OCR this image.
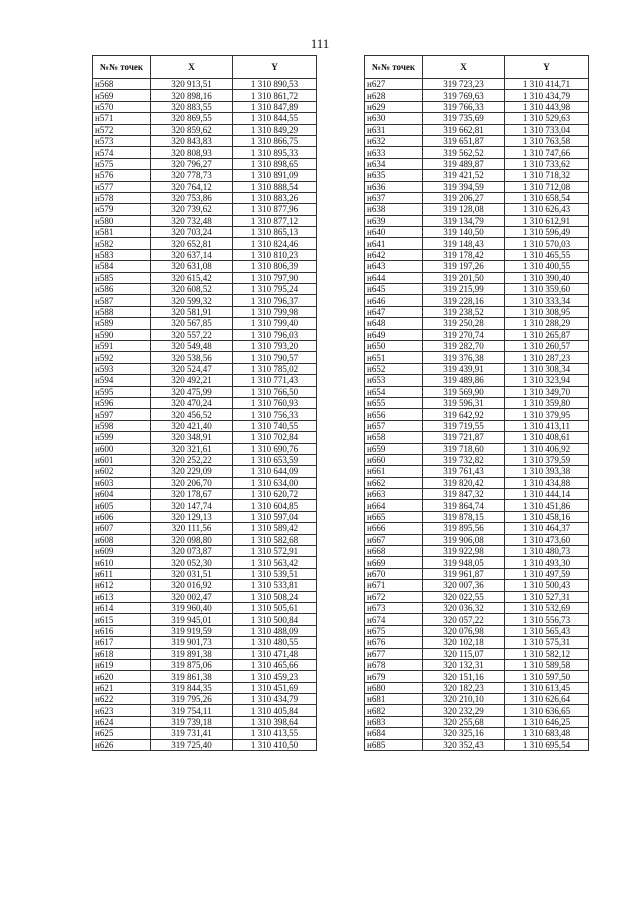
111
№№ точек	X	Y
н568	320 913,51	1 310 890,53
н569	320 898,16	1 310 861,72
н570	320 883,55	1 310 847,89
н571	320 869,55	1 310 844,55
н572	320 859,62	1 310 849,29
н573	320 843,83	1 310 866,75
н574	320 808,93	1 310 895,33
н575	320 796,27	1 310 898,65
н576	320 778,73	1 310 891,09
н577	320 764,12	1 310 888,54
н578	320 753,86	1 310 883,26
н579	320 739,62	1 310 877,96
н580	320 732,48	1 310 877,12
н581	320 703,24	1 310 865,13
н582	320 652,81	1 310 824,46
н583	320 637,14	1 310 810,23
н584	320 631,08	1 310 806,39
н585	320 615,42	1 310 797,90
н586	320 608,52	1 310 795,24
н587	320 599,32	1 310 796,37
н588	320 581,91	1 310 799,98
н589	320 567,85	1 310 799,40
н590	320 557,22	1 310 796,03
н591	320 549,48	1 310 793,20
н592	320 538,56	1 310 790,57
н593	320 524,47	1 310 785,02
н594	320 492,21	1 310 771,43
н595	320 475,99	1 310 766,50
н596	320 470,24	1 310 760,93
н597	320 456,52	1 310 756,33
н598	320 421,40	1 310 740,55
н599	320 348,91	1 310 702,84
н600	320 321,61	1 310 690,76
н601	320 252,22	1 310 653,59
н602	320 229,09	1 310 644,09
н603	320 206,70	1 310 634,00
н604	320 178,67	1 310 620,72
н605	320 147,74	1 310 604,85
н606	320 129,13	1 310 597,04
н607	320 111,56	1 310 589,42
н608	320 098,80	1 310 582,68
н609	320 073,87	1 310 572,91
н610	320 052,30	1 310 563,42
н611	320 031,51	1 310 539,51
н612	320 016,92	1 310 533,81
н613	320 002,47	1 310 508,24
н614	319 960,40	1 310 505,61
н615	319 945,01	1 310 500,84
н616	319 919,59	1 310 488,09
н617	319 901,73	1 310 480,55
н618	319 891,38	1 310 471,48
н619	319 875,06	1 310 465,66
н620	319 861,38	1 310 459,23
н621	319 844,35	1 310 451,69
н622	319 795,26	1 310 434,79
н623	319 754,11	1 310 405,84
н624	319 739,18	1 310 398,64
н625	319 731,41	1 310 413,55
н626	319 725,40	1 310 410,50
№№ точек	X	Y
н627	319 723,23	1 310 414,71
н628	319 769,63	1 310 434,79
н629	319 766,33	1 310 443,98
н630	319 735,69	1 310 529,63
н631	319 662,81	1 310 733,04
н632	319 651,87	1 310 763,58
н633	319 562,52	1 310 747,66
н634	319 489,87	1 310 733,62
н635	319 421,52	1 310 718,32
н636	319 394,59	1 310 712,08
н637	319 206,27	1 310 658,54
н638	319 128,08	1 310 626,43
н639	319 134,79	1 310 612,91
н640	319 140,50	1 310 596,49
н641	319 148,43	1 310 570,03
н642	319 178,42	1 310 465,55
н643	319 197,26	1 310 400,55
н644	319 201,50	1 310 390,40
н645	319 215,99	1 310 359,60
н646	319 228,16	1 310 333,34
н647	319 238,52	1 310 308,95
н648	319 250,28	1 310 288,29
н649	319 270,74	1 310 265,87
н650	319 282,70	1 310 260,57
н651	319 376,38	1 310 287,23
н652	319 439,91	1 310 308,34
н653	319 489,86	1 310 323,94
н654	319 569,90	1 310 349,70
н655	319 596,31	1 310 359,80
н656	319 642,92	1 310 379,95
н657	319 719,55	1 310 413,11
н658	319 721,87	1 310 408,61
н659	319 718,60	1 310 406,92
н660	319 732,82	1 310 379,59
н661	319 761,43	1 310 393,38
н662	319 820,42	1 310 434,88
н663	319 847,32	1 310 444,14
н664	319 864,74	1 310 451,86
н665	319 878,15	1 310 458,16
н666	319 895,56	1 310 464,37
н667	319 906,08	1 310 473,60
н668	319 922,98	1 310 480,73
н669	319 948,05	1 310 493,30
н670	319 961,87	1 310 497,59
н671	320 007,36	1 310 500,43
н672	320 022,55	1 310 527,31
н673	320 036,32	1 310 532,69
н674	320 057,22	1 310 556,73
н675	320 076,98	1 310 565,43
н676	320 102,18	1 310 575,31
н677	320 115,07	1 310 582,12
н678	320 132,31	1 310 589,58
н679	320 151,16	1 310 597,50
н680	320 182,23	1 310 613,45
н681	320 210,10	1 310 626,64
н682	320 232,29	1 310 636,65
н683	320 255,68	1 310 646,25
н684	320 325,16	1 310 683,48
н685	320 352,43	1 310 695,54
